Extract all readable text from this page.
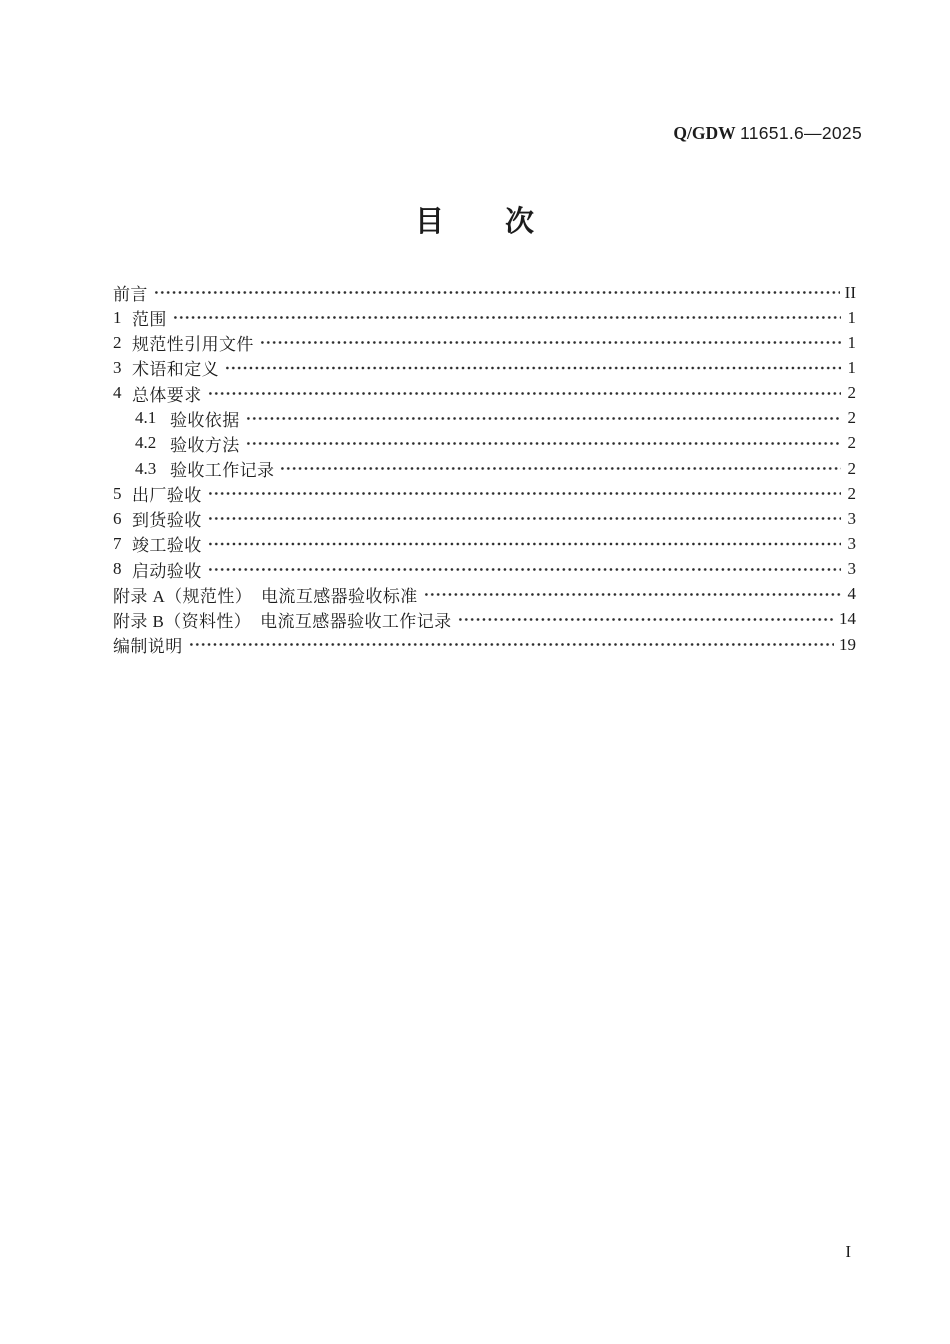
Q/GDW 11651.6—2025
目　　次
前言	II
1 范围	1
2 规范性引用文件	1
3 术语和定义	1
4 总体要求	2
4.1 验收依据	2
4.2 验收方法	2
4.3 验收工作记录	2
5 出厂验收	2
6 到货验收	3
7 竣工验收	3
8 启动验收	3
附录 A（规范性）　电流互感器验收标准	4
附录 B（资料性）　电流互感器验收工作记录	14
编制说明	19
I
